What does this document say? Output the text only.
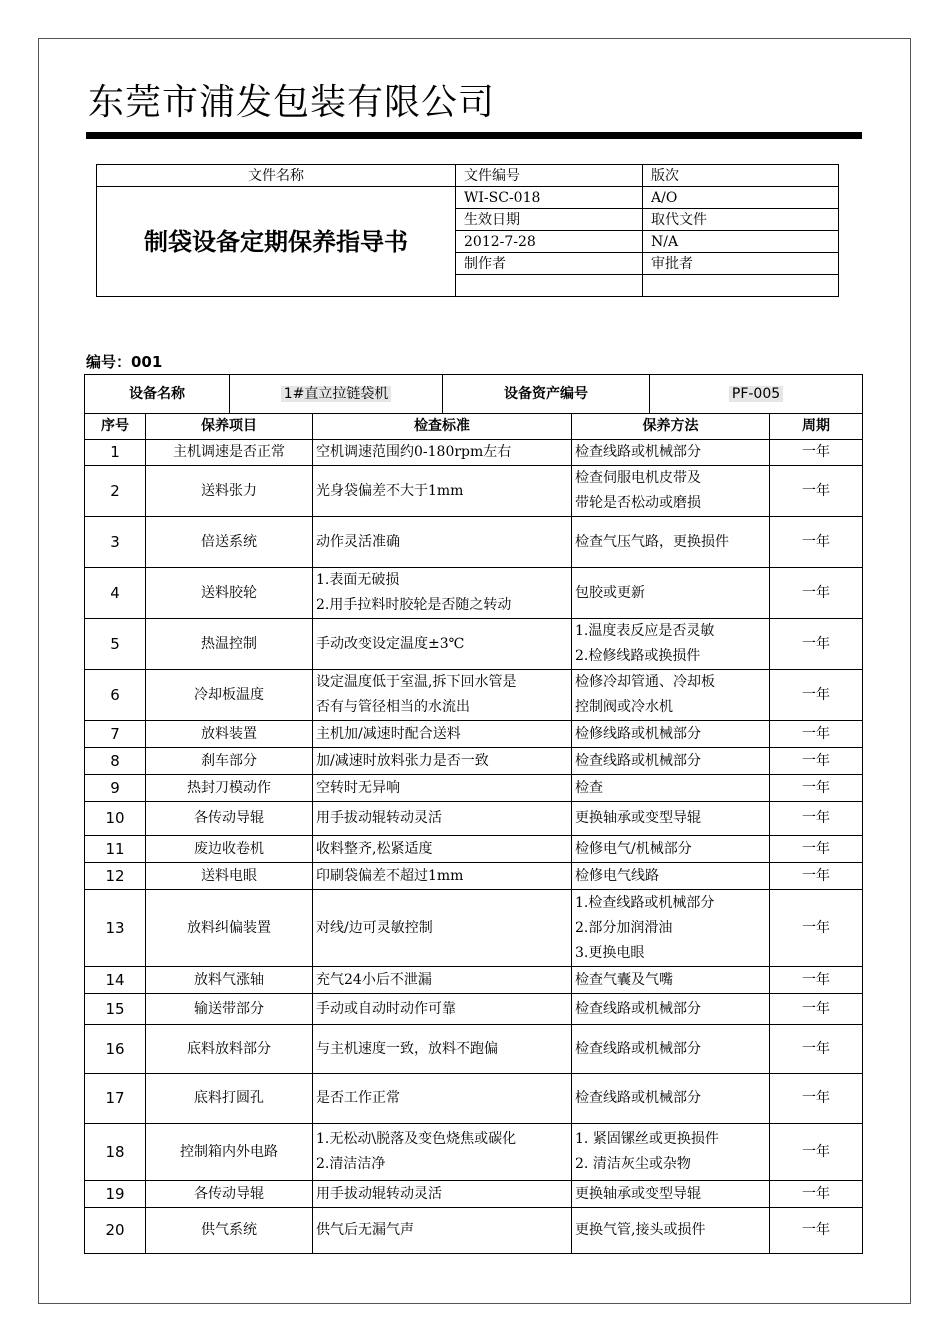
东莞市浦发包装有限公司
文件名称	文件编号	版次
制袋设备定期保养指导书	WI-SC-018	A/O
	生效日期	取代文件
	2012-7-28	N/A
	制作者	审批者

编号：001
设备名称		1#直立拉链袋机		设备资产编号		PF-005	
序号	保养项目		检查标准		保养方法		周期
1	主机调速是否正常		空机调速范围约0-180rpm左右		检查线路或机械部分		一年
2	送料张力		光身袋偏差不大于1mm		检查伺服电机皮带及
带轮是否松动或磨损		一年
3	倍送系统		动作灵活准确		检查气压气路，更换损件		一年
4	送料胶轮		1.表面无破损
2.用手拉料时胶轮是否随之转动		包胶或更新		一年
5	热温控制		手动改变设定温度±3℃		1.温度表反应是否灵敏
2.检修线路或换损件		一年
6	冷却板温度		设定温度低于室温,拆下回水管是
否有与管径相当的水流出		检修冷却管通、冷却板
控制阀或冷水机		一年
7	放料装置		主机加/减速时配合送料		检修线路或机械部分		一年
8	刹车部分		加/减速时放料张力是否一致		检查线路或机械部分		一年
9	热封刀模动作		空转时无异响		检查		一年
10	各传动导辊		用手拔动辊转动灵活		更换轴承或变型导辊		一年
11	废边收卷机		收料整齐,松紧适度		检修电气/机械部分		一年
12	送料电眼		印刷袋偏差不超过1mm		检修电气线路		一年
13	放料纠偏装置		对线/边可灵敏控制		1.检查线路或机械部分
2.部分加润滑油
3.更换电眼		一年
14	放料气涨轴		充气24小后不泄漏		检查气囊及气嘴		一年
15	输送带部分		手动或自动时动作可靠		检查线路或机械部分		一年
16	底料放料部分		与主机速度一致，放料不跑偏		检查线路或机械部分		一年
17	底料打圆孔		是否工作正常		检查线路或机械部分		一年
18	控制箱内外电路		1.无松动\脱落及变色烧焦或碳化
2.清洁洁净		1. 紧固镙丝或更换损件
2. 清洁灰尘或杂物		一年
19	各传动导辊		用手拔动辊转动灵活		更换轴承或变型导辊		一年
20	供气系统		供气后无漏气声		更换气管,接头或损件		一年
